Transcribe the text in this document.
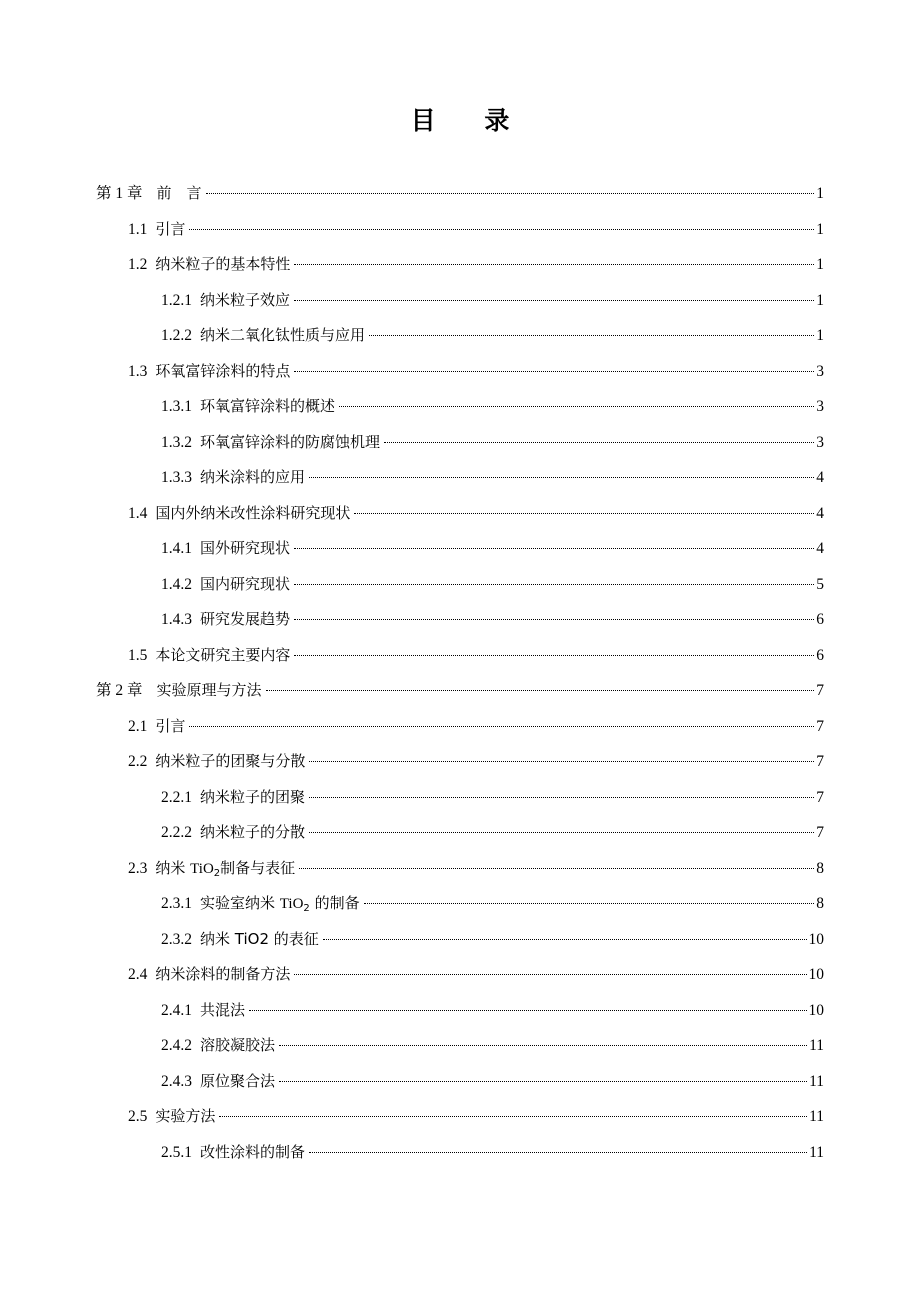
目 录
第 1 章 前　言	1
1.1 引言	1
1.2 纳米粒子的基本特性	1
1.2.1 纳米粒子效应	1
1.2.2 纳米二氧化钛性质与应用	1
1.3 环氧富锌涂料的特点	3
1.3.1 环氧富锌涂料的概述	3
1.3.2 环氧富锌涂料的防腐蚀机理	3
1.3.3 纳米涂料的应用	4
1.4 国内外纳米改性涂料研究现状	4
1.4.1 国外研究现状	4
1.4.2 国内研究现状	5
1.4.3 研究发展趋势	6
1.5 本论文研究主要内容	6
第 2 章 实验原理与方法	7
2.1 引言	7
2.2 纳米粒子的团聚与分散	7
2.2.1 纳米粒子的团聚	7
2.2.2 纳米粒子的分散	7
2.3 纳米 TiO$_2$制备与表征	8
2.3.1 实验室纳米 TiO$_2$ 的制备	8
2.3.2 纳米 TiO2 的表征	10
2.4 纳米涂料的制备方法	10
2.4.1 共混法	10
2.4.2 溶胶凝胶法	11
2.4.3 原位聚合法	11
2.5 实验方法	11
2.5.1 改性涂料的制备	11
